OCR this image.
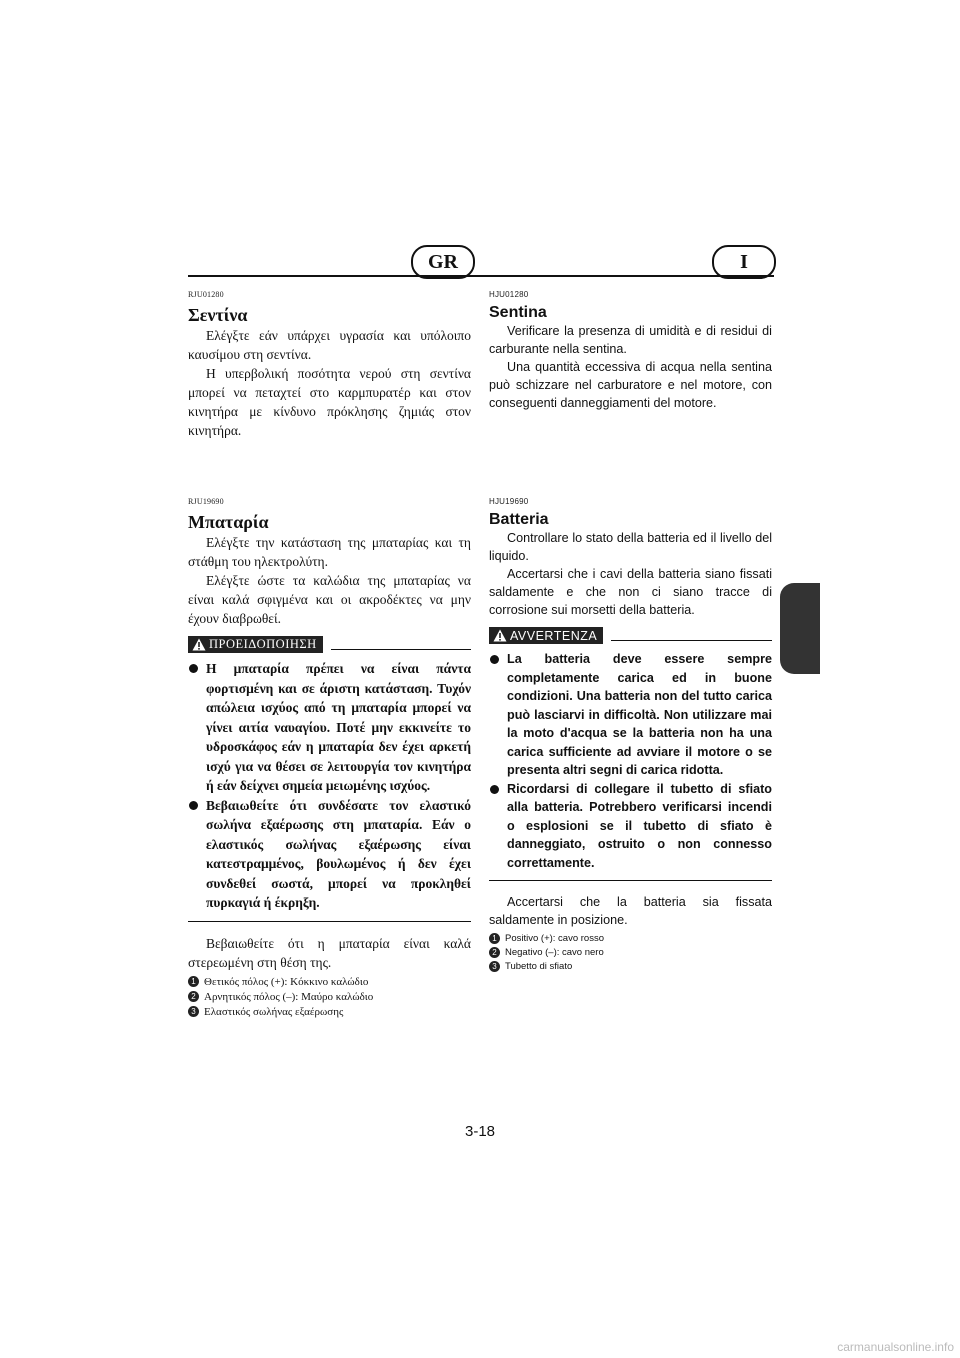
GR	I
RJU01280
Σεντίνα

Ελέγξτε εάν υπάρχει υγρασία και υπόλοιπο καυσίμου στη σεντίνα.

Η υπερβολική ποσότητα νερού στη σεντίνα μπορεί να πεταχτεί στο καρμπυρατέρ και στον κινητήρα με κίνδυνο πρόκλησης ζημιάς στον κινητήρα.

HJU01280
Sentina

Verificare la presenza di umidità e di residui di carburante nella sentina.

Una quantità eccessiva di acqua nella sentina può schizzare nel carburatore e nel motore, con conseguenti danneggiamenti del motore.

RJU19690
Μπαταρία

Ελέγξτε την κατάσταση της μπαταρίας και τη στάθμη του ηλεκτρολύτη.

Ελέγξτε ώστε τα καλώδια της μπαταρίας να είναι καλά σφιγμένα και οι ακροδέκτες να μην έχουν διαβρωθεί.

ΠΡΟΕΙΔΟΠΟΙΗΣΗ
Η μπαταρία πρέπει να είναι πάντα φορτισμένη και σε άριστη κατάσταση. Τυχόν απώλεια ισχύος από τη μπαταρία μπορεί να γίνει αιτία ναυαγίου. Ποτέ μην εκκινείτε το υδροσκάφος εάν η μπαταρία δεν έχει αρκετή ισχύ για να θέσει σε λειτουργία τον κινητήρα ή εάν δείχνει σημεία μειωμένης ισχύος.
Βεβαιωθείτε ότι συνδέσατε τον ελαστικό σωλήνα εξαέρωσης στη μπαταρία. Εάν ο ελαστικός σωλήνας εξαέρωσης είναι κατεστραμμένος, βουλωμένος ή δεν έχει συνδεθεί σωστά, μπορεί να προκληθεί πυρκαγιά ή έκρηξη.

Βεβαιωθείτε ότι η μπαταρία είναι καλά στερεωμένη στη θέση της.

1 Θετικός πόλος (+): Κόκκινο καλώδιο
2 Αρνητικός πόλος (–): Μαύρο καλώδιο
3 Ελαστικός σωλήνας εξαέρωσης
HJU19690
Batteria

Controllare lo stato della batteria ed il livello del liquido.

Accertarsi che i cavi della batteria siano fissati saldamente e che non ci siano tracce di corrosione sui morsetti della batteria.

AVVERTENZA
La batteria deve essere sempre completamente carica ed in buone condizioni. Una batteria non del tutto carica può lasciarvi in difficoltà. Non utilizzare mai la moto d'acqua se la batteria non ha una carica sufficiente ad avviare il motore o se presenta altri segni di carica ridotta.
Ricordarsi di collegare il tubetto di sfiato alla batteria. Potrebbero verificarsi incendi o esplosioni se il tubetto di sfiato è danneggiato, ostruito o non connesso correttamente.

Accertarsi che la batteria sia fissata saldamente in posizione.

1 Positivo (+): cavo rosso
2 Negativo (–): cavo nero
3 Tubetto di sfiato
3-18
carmanualsonline.info
